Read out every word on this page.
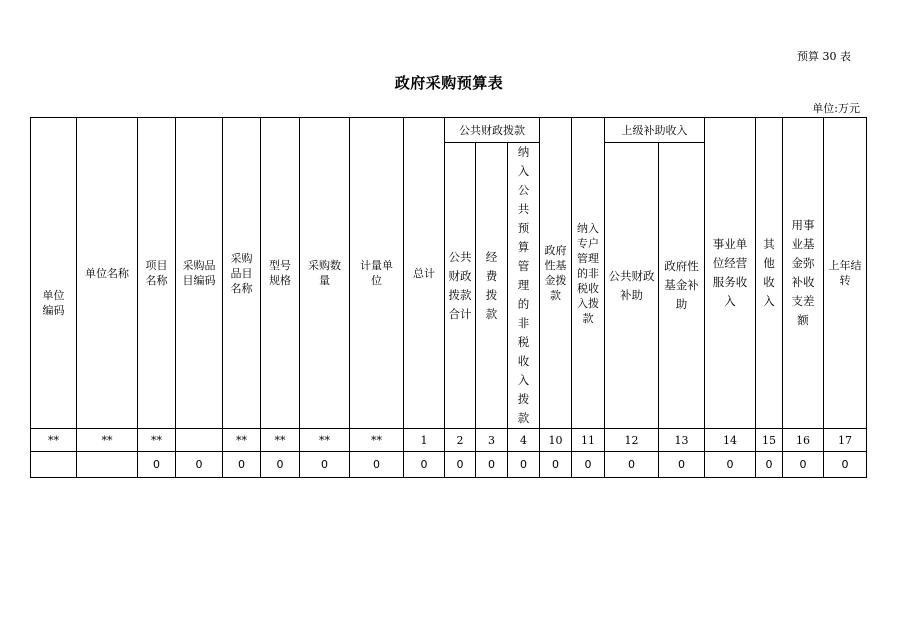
预算 30 表
政府采购预算表
单位:万元
单位编码	单位名称	项目名称	采购品目编码	采购品目名称	型号规格	采购数量	计量单位	总计	公共财政拨款			政府性基金拨款	纳入专户管理的非税收入拨款	上级补助收入		事业单位经营服务收入	其他收入	用事业基金弥补收支差额	上年结转
									公共财政拨款合计	经费拨款	纳入公共预算管理的非税收入拨款								
														公共财政补助	政府性基金补助				
**	**	**		**	**	**	**	1	2	3	4	10	11	12	13	14	15	16	17
		0	0	0	0	0	0	0	0	0	0	0	0	0	0	0	0	0	0
